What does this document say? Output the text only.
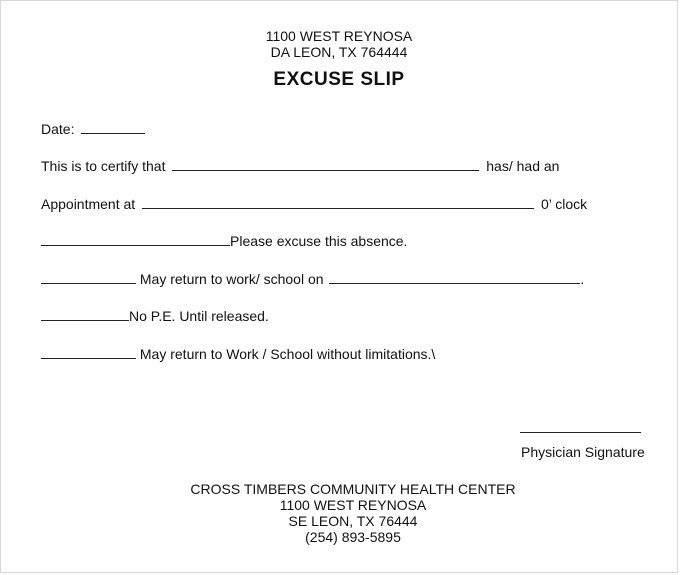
1100 WEST REYNOSA
DA LEON, TX 764444
EXCUSE SLIP
Date:
This is to certify that	has/ had an
Appointment at	0’ clock
Please excuse this absence.
May return to work/ school on	.
No P.E. Until released.
May return to Work / School without limitations.\
Physician Signature
CROSS TIMBERS COMMUNITY HEALTH CENTER
1100 WEST REYNOSA
SE LEON, TX 76444
(254) 893-5895
